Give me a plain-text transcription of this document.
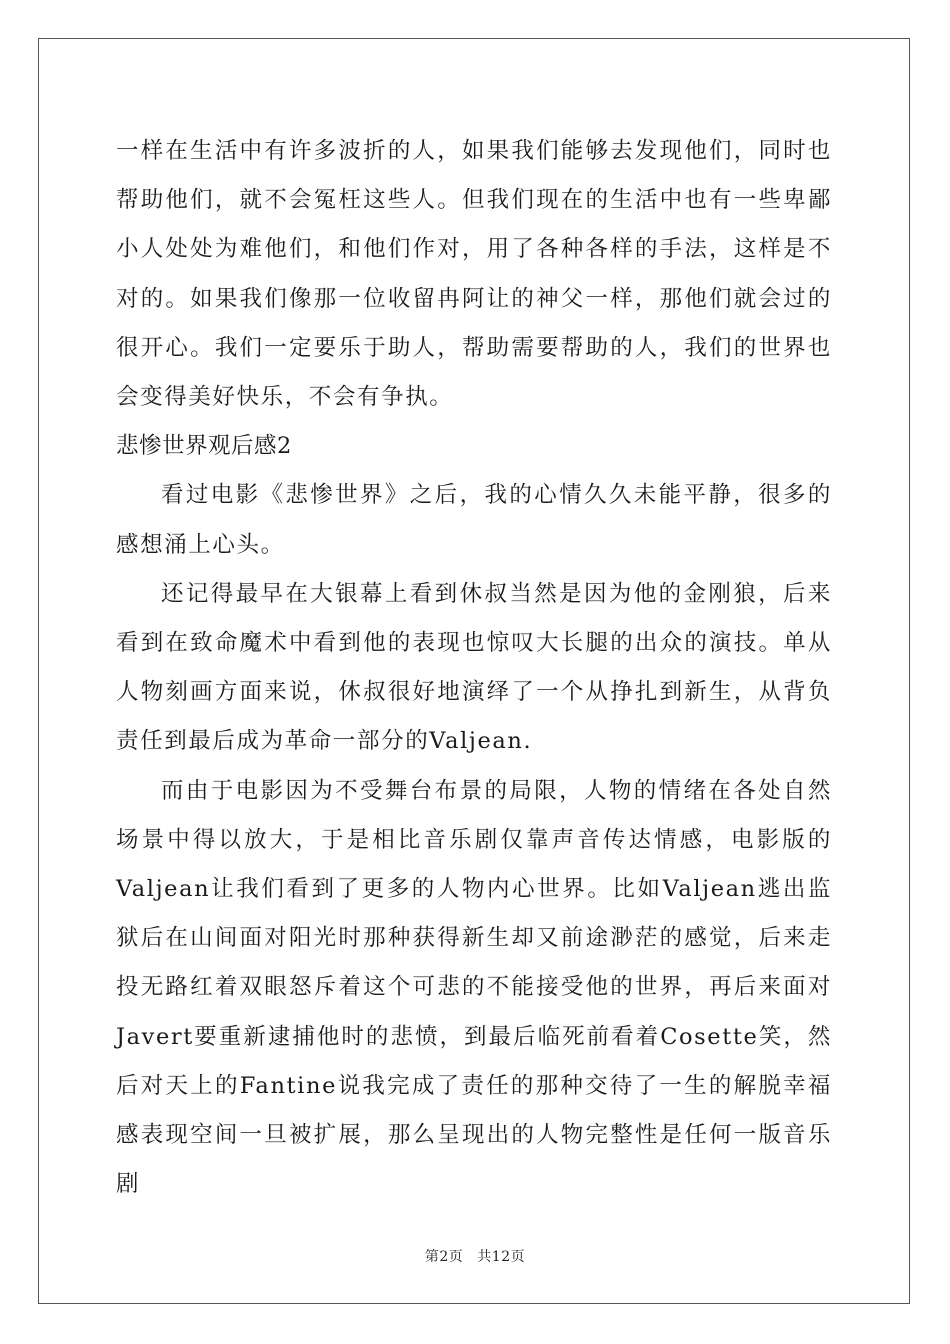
一样在生活中有许多波折的人，如果我们能够去发现他们，同时也帮助他们，就不会冤枉这些人。但我们现在的生活中也有一些卑鄙小人处处为难他们，和他们作对，用了各种各样的手法，这样是不对的。如果我们像那一位收留冉阿让的神父一样，那他们就会过的很开心。我们一定要乐于助人，帮助需要帮助的人，我们的世界也会变得美好快乐，不会有争执。

悲惨世界观后感2

看过电影《悲惨世界》之后，我的心情久久未能平静，很多的感想涌上心头。

还记得最早在大银幕上看到休叔当然是因为他的金刚狼，后来看到在致命魔术中看到他的表现也惊叹大长腿的出众的演技。单从人物刻画方面来说，休叔很好地演绎了一个从挣扎到新生，从背负责任到最后成为革命一部分的Valjean.

而由于电影因为不受舞台布景的局限，人物的情绪在各处自然场景中得以放大，于是相比音乐剧仅靠声音传达情感，电影版的Valjean让我们看到了更多的人物内心世界。比如Valjean逃出监狱后在山间面对阳光时那种获得新生却又前途渺茫的感觉，后来走投无路红着双眼怒斥着这个可悲的不能接受他的世界，再后来面对Javert要重新逮捕他时的悲愤，到最后临死前看着Cosette笑，然后对天上的Fantine说我完成了责任的那种交待了一生的解脱幸福感表现空间一旦被扩展，那么呈现出的人物完整性是任何一版音乐剧

第2页 共12页
